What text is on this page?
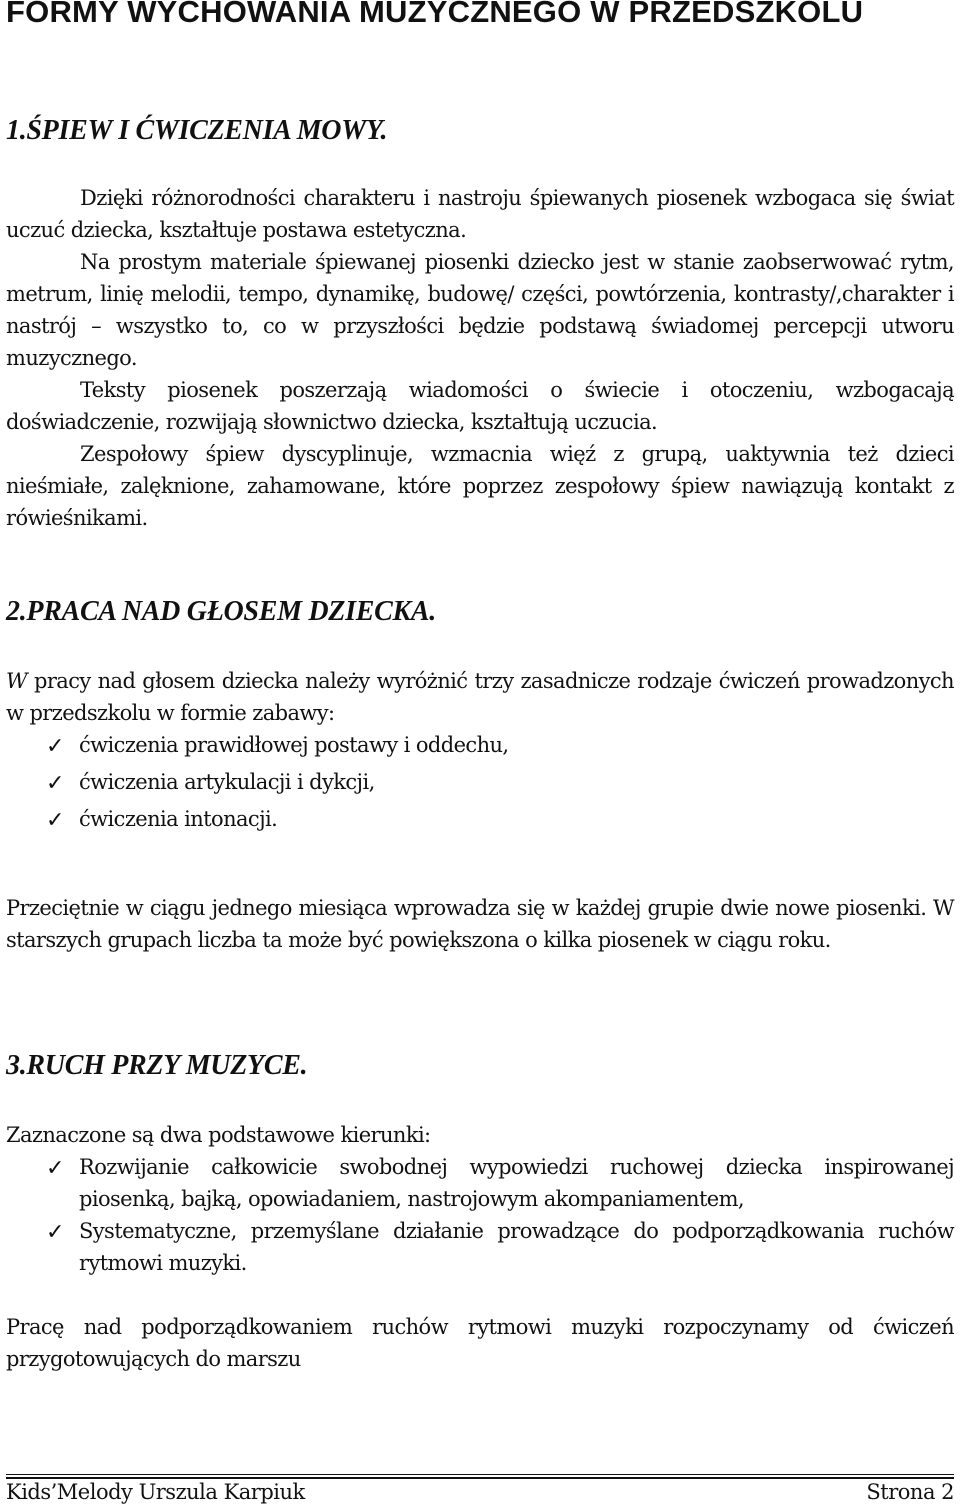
FORMY WYCHOWANIA MUZYCZNEGO W PRZEDSZKOLU
1.ŚPIEW I ĆWICZENIA MOWY.

Dzięki różnorodności charakteru i nastroju śpiewanych piosenek wzbogaca się świat uczuć dziecka, kształtuje postawa estetyczna.

Na prostym materiale śpiewanej piosenki dziecko jest w stanie zaobserwować rytm, metrum, linię melodii, tempo, dynamikę, budowę/ części, powtórzenia, kontrasty/,charakter i nastrój – wszystko to, co w przyszłości będzie podstawą świadomej percepcji utworu muzycznego.

Teksty piosenek poszerzają wiadomości o świecie i otoczeniu, wzbogacają doświadczenie, rozwijają słownictwo dziecka, kształtują uczucia.

Zespołowy śpiew dyscyplinuje, wzmacnia więź z grupą, uaktywnia też dzieci nieśmiałe, zalęknione, zahamowane, które poprzez zespołowy śpiew nawiązują kontakt z rówieśnikami.

2.PRACA NAD GŁOSEM DZIECKA.

W pracy nad głosem dziecka należy wyróżnić trzy zasadnicze rodzaje ćwiczeń prowadzonych w przedszkolu w formie zabawy:

✓ ćwiczenia prawidłowej postawy i oddechu,
✓ ćwiczenia artykulacji i dykcji,
✓ ćwiczenia intonacji.

Przeciętnie w ciągu jednego miesiąca wprowadza się w każdej grupie dwie nowe piosenki. W starszych grupach liczba ta może być powiększona o kilka piosenek w ciągu roku.

3.RUCH PRZY MUZYCE.

Zaznaczone są dwa podstawowe kierunki:

✓ Rozwijanie całkowicie swobodnej wypowiedzi ruchowej dziecka inspirowanej piosenką, bajką, opowiadaniem, nastrojowym akompaniamentem,
✓ Systematyczne, przemyślane działanie prowadzące do podporządkowania ruchów rytmowi muzyki.

Pracę nad podporządkowaniem ruchów rytmowi muzyki rozpoczynamy od ćwiczeń przygotowujących do marszu

Kids’Melody Urszula Karpiuk	Strona 2
